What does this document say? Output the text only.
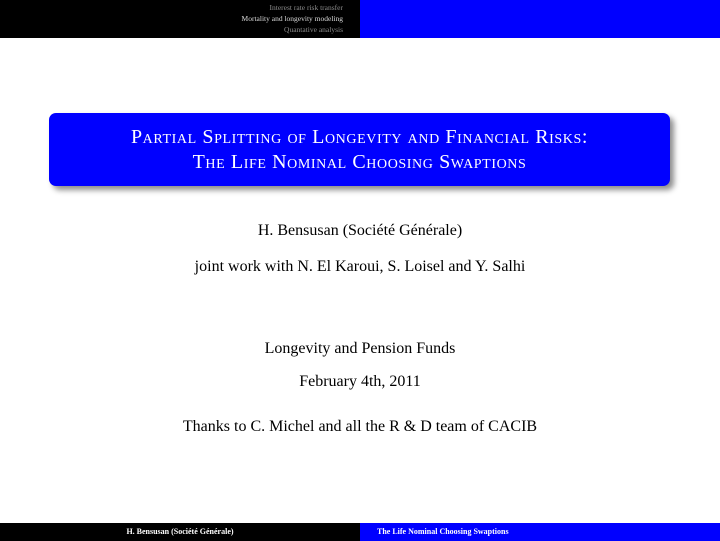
Interest rate risk transfer
Mortality and longevity modeling
Quantative analysis
Partial Splitting of Longevity and Financial Risks:
The Life Nominal Choosing Swaptions
H. Bensusan (Société Générale)
joint work with N. El Karoui, S. Loisel and Y. Salhi
Longevity and Pension Funds
February 4th, 2011
Thanks to C. Michel and all the R & D team of CACIB
H. Bensusan (Société Générale)	The Life Nominal Choosing Swaptions
